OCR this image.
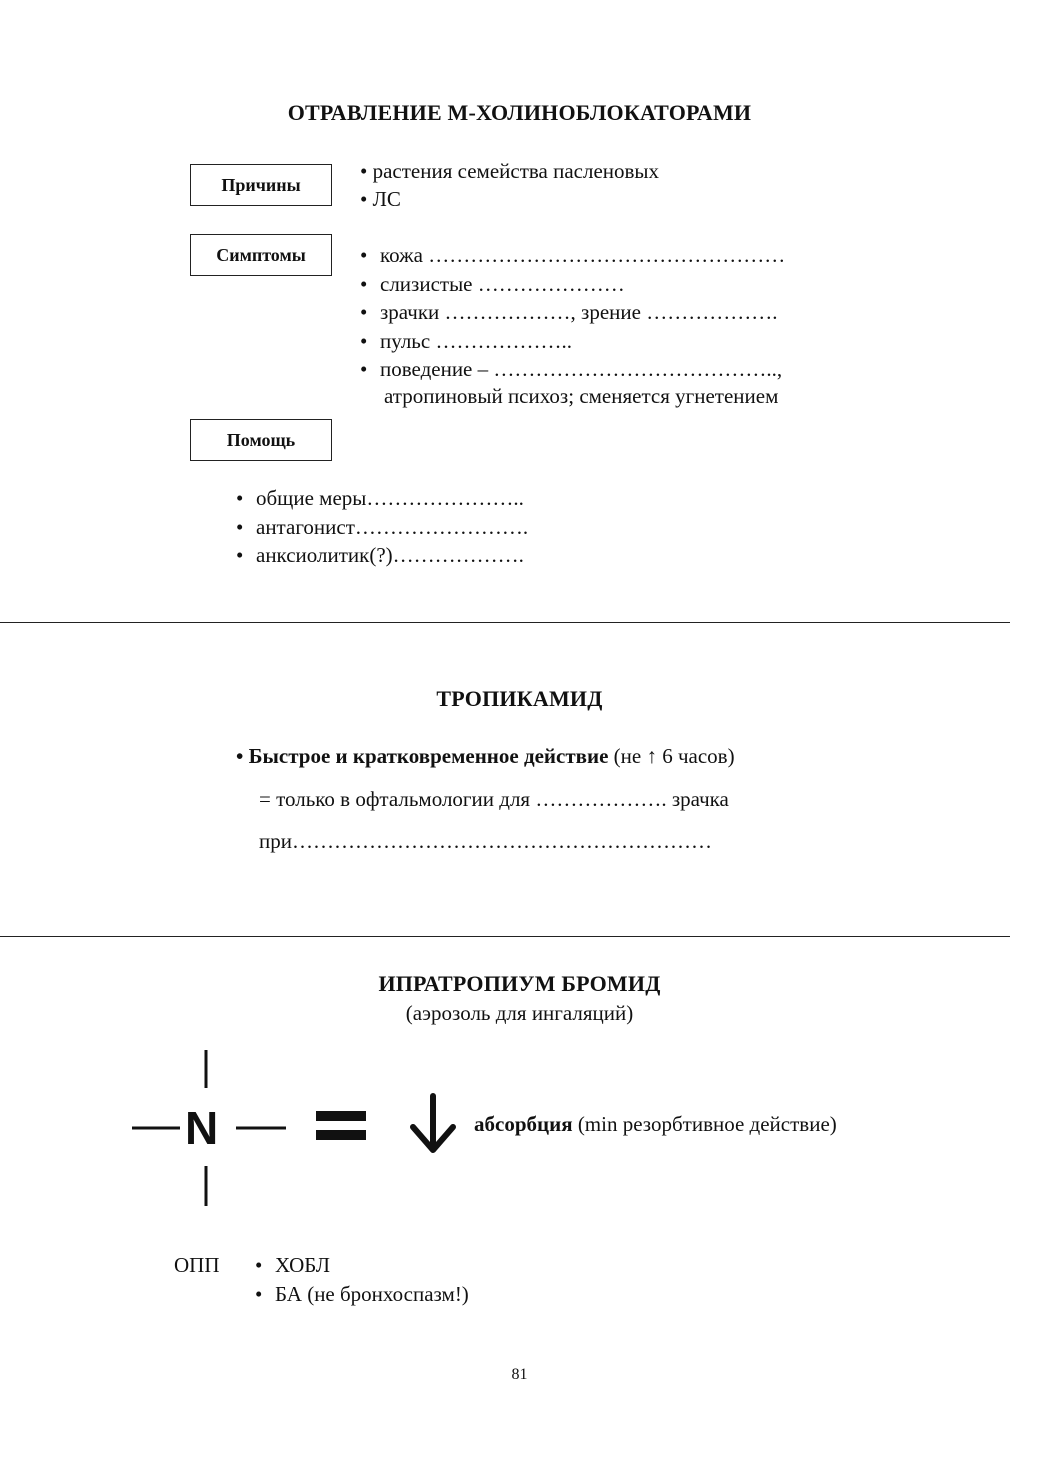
ОТРАВЛЕНИЕ М-ХОЛИНОБЛОКАТОРАМИ
Причины
• растения семейства пасленовых
• ЛС
Симптомы	• кожа ……………………………………………
• слизистые …………………
• зрачки ………………, зрение ……………….
• пульс ………………..
• поведение – …………………………………..,
атропиновый психоз; сменяется угнетением
Помощь
• общие меры…………………..
• антагонист…………………….
• анксиолитик(?)……………….
ТРОПИКАМИД
• Быстрое и кратковременное действие (не ↑ 6 часов)
= только в офтальмологии для ………………. зрачка
при……………………………………………………
ИПРАТРОПИУМ БРОМИД
(аэрозоль для ингаляций)
N	абсорбция (min резорбтивное действие)
ОПП • ХОБЛ
• БА (не бронхоспазм!)
81
